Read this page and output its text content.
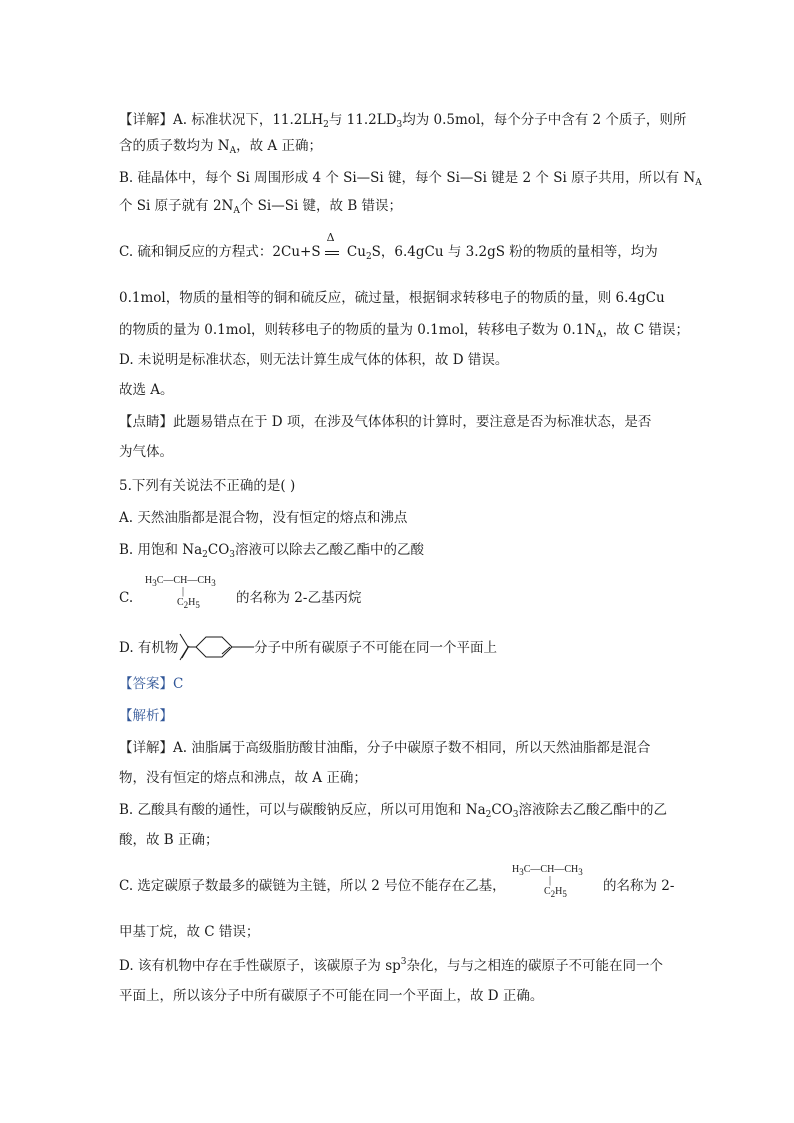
【详解】A. 标准状况下，$11.2LH_2$与 $11.2LD_3$均为 0.5mol，每个分子中含有 2 个质子，则所
含的质子数均为 $N_A$，故 A 正确；
B. 硅晶体中，每个 Si 周围形成 4 个 Si—Si 键，每个 Si—Si 键是 2 个 Si 原子共用，所以有 $N_A$
个 Si 原子就有 $2N_A$个 Si—Si 键，故 B 错误；
C. 硫和铜反应的方程式：2Cu+S
Δ
$Cu_2S$，6.4gCu 与 3.2gS 粉的物质的量相等，均为
0.1mol，物质的量相等的铜和硫反应，硫过量，根据铜求转移电子的物质的量，则 6.4gCu
的物质的量为 0.1mol，则转移电子的物质的量为 0.1mol，转移电子数为 $0.1N_A$，故 C 错误；
D. 未说明是标准状态，则无法计算生成气体的体积，故 D 错误。
故选 A。
【点睛】此题易错点在于 D 项，在涉及气体体积的计算时，要注意是否为标准状态，是否
为气体。
5.下列有关说法不正确的是( )
A. 天然油脂都是混合物，没有恒定的熔点和沸点
B. 用饱和 $Na_2CO_3$溶液可以除去乙酸乙酯中的乙酸
C.
$H_3C—CH—CH_3$
|
$C_2H_5$	的名称为 2-乙基丙烷
D. 有机物	分子中所有碳原子不可能在同一个平面上
【答案】C
【解析】
【详解】A. 油脂属于高级脂肪酸甘油酯，分子中碳原子数不相同，所以天然油脂都是混合
物，没有恒定的熔点和沸点，故 A 正确；
B. 乙酸具有酸的通性，可以与碳酸钠反应，所以可用饱和 $Na_2CO_3$溶液除去乙酸乙酯中的乙
酸，故 B 正确；
C. 选定碳原子数最多的碳链为主链，所以 2 号位不能存在乙基，
$H_3C—CH—CH_3$
|
$C_2H_5$	的名称为 2-
甲基丁烷，故 C 错误；
D. 该有机物中存在手性碳原子，该碳原子为 $sp^3$杂化，与与之相连的碳原子不可能在同一个
平面上，所以该分子中所有碳原子不可能在同一个平面上，故 D 正确。
